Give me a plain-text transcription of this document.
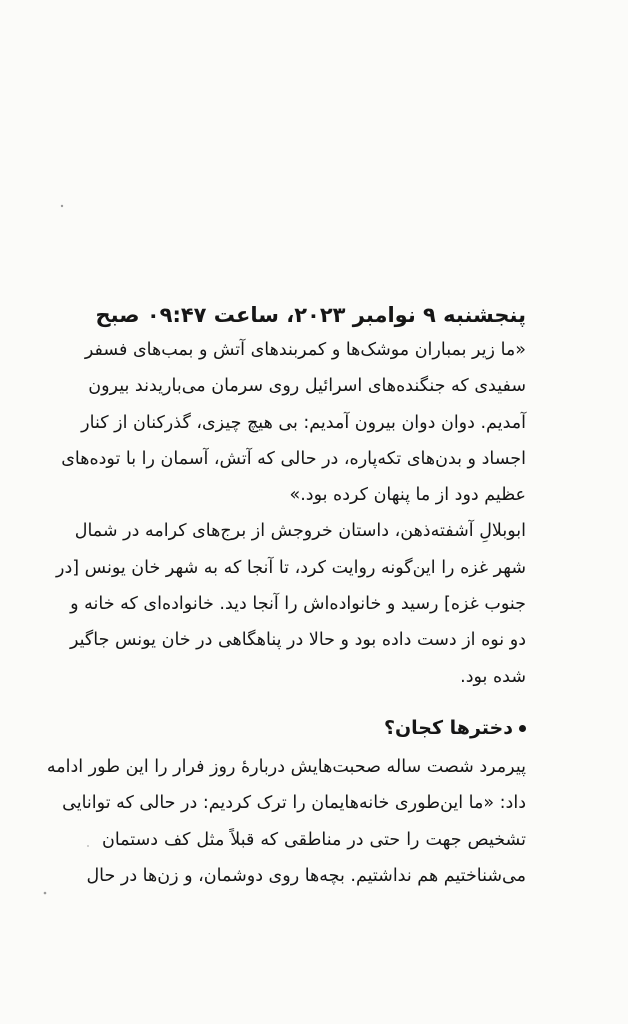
پنجشنبه ۹ نوامبر ۲۰۲۳، ساعت ۰۹:۴۷ صبح
«ما زیر بمباران موشک‌ها و کمربندهای آتش و بمب‌های فسفر
سفیدی که جنگنده‌های اسرائیل روی سرمان می‌باریدند بیرون
آمدیم. دوان دوان بیرون آمدیم: بی هیچ چیزی، گذرکنان از کنار
اجساد و بدن‌های تکه‌پاره، در حالی که آتش، آسمان را با توده‌های
عظیم دود از ما پنهان کرده بود.»
ابوبلالِ آشفته‌ذهن، داستان خروجش از برج‌های کرامه در شمال
شهر غزه را این‌گونه روایت کرد، تا آنجا که به شهر خان یونس [در
جنوب غزه] رسید و خانواده‌اش را آنجا دید. خانواده‌ای که خانه و
دو نوه از دست داده بود و حالا در پناهگاهی در خان یونس جاگیر
شده بود.
دخترها کجان؟
پیرمرد شصت ساله صحبت‌هایش دربارهٔ روز فرار را این طور ادامه
داد: «ما این‌طوری خانه‌هایمان را ترک کردیم: در حالی که توانایی
تشخیص جهت را حتی در مناطقی که قبلاً مثل کف دستمان
می‌شناختیم هم نداشتیم. بچه‌ها روی دوشمان، و زن‌ها در حال
